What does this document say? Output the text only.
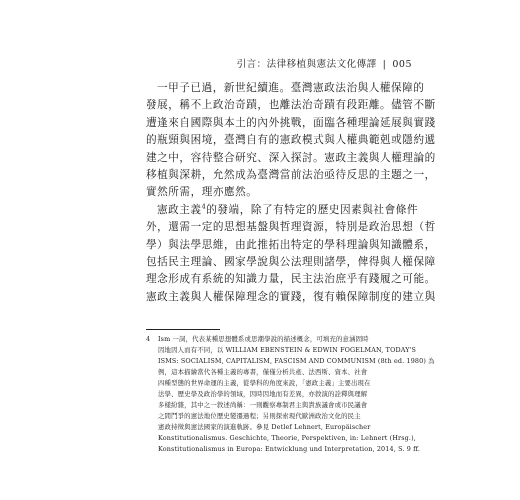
引言：法律移植與憲法文化傳譯 | 005

一甲子已過，新世紀續進。臺灣憲政法治與人權保障的

發展，稱不上政治奇蹟，也離法治奇蹟有段距離。儘管不斷

遭逢來自國際與本土的內外挑戰，面臨各種理論延展與實踐

的瓶頸與困境，臺灣自有的憲政模式與人權典範剋或隱約遞

建之中，容待整合研究、深入探討。憲政主義與人權理論的

移植與深耕，允然成為臺灣當前法治亟待反思的主題之一，

實然所需，理亦應然。

憲政主義$^4$的發端，除了有特定的歷史因素與社會條件

外，還需一定的思想基盤與哲理資源，特別是政治思想（哲

學）與法學思維，由此推拓出特定的學科理論與知識體系，

包括民主理論、國家學說與公法理則諸學，俾得與人權保障

理念形成有系統的知識力量，民主法治庶乎有踐履之可能。

憲政主義與人權保障理念的實踐，復有賴保障制度的建立與

4 Ism 一詞，代表某種思想體系或思潮學說的描述概念，可填充的意涵固時

因地因人而有不同，以 WILLIAM EBENSTEIN & EDWIN FOGELMAN, TODAY'S

ISMS: SOCIALISM, CAPITALISM, FASCISM AND COMMUNISM (8th ed. 1980) 為

例，這本描繪當代各種主義的專書，僅僅分析共產、法西斯、資本、社會

四種型態的世界命運的主義，從學科的角度來說，「憲政主義」主要出現在

法學、歷史學及政治學的領域，因時因地而有差異，亦敘演的詮釋與理解

多樣紛雜，其中之一敘述尚稱：一則觀察專制君主與貴族議會或市民議會

之間鬥爭的憲法地位歷史變遷過程；另則探索現代歐洲政治文化的民主

憲政持徵與憲法國家的演進軌跡。參見 Detlef Lehnert, Europäischer

Konstitutionalismus. Geschichte, Theorie, Perspektiven, in: Lehnert (Hrsg.),

Konstitutionalismus in Europa: Entwicklung und Interpretation, 2014, S. 9 ff.
